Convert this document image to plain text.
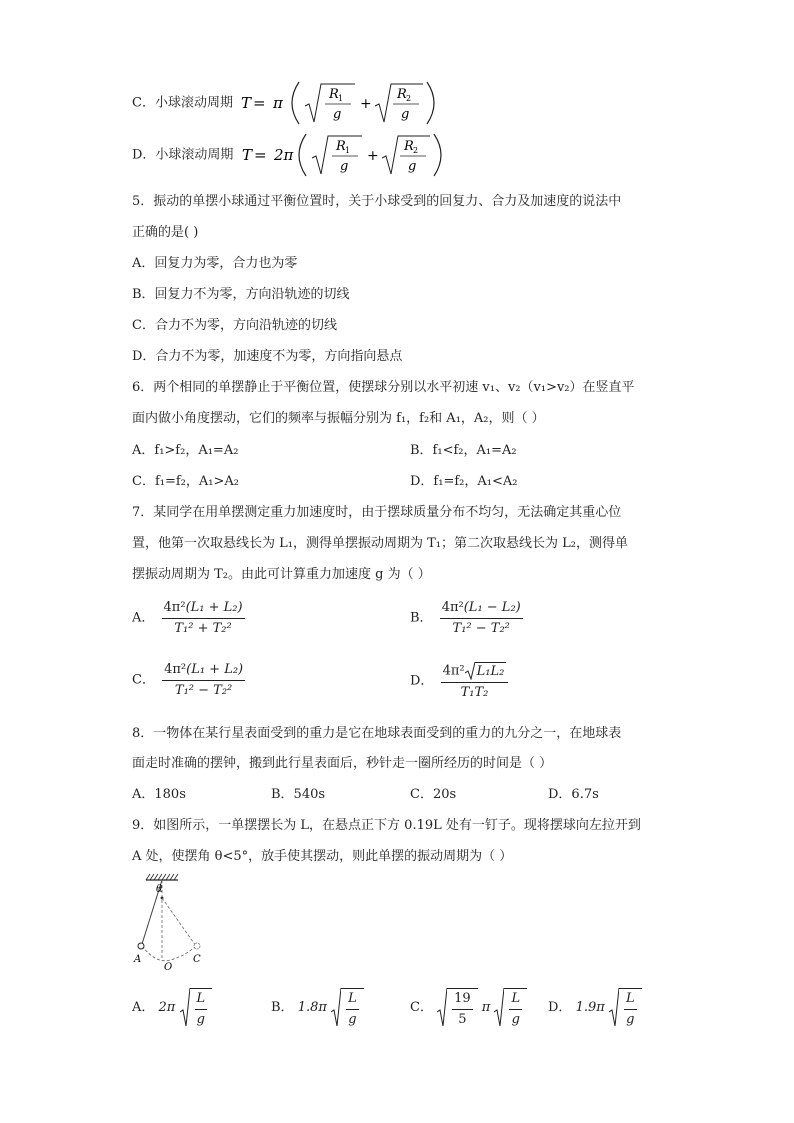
C．小球滚动周期 T = π	R 1
g
+
R 2
g
D．小球滚动周期 T = 2π	R 1
g
+
R 2
g
5．振动的单摆小球通过平衡位置时，关于小球受到的回复力、合力及加速度的说法中
正确的是( )
A．回复力为零，合力也为零
B．回复力不为零，方向沿轨迹的切线
C．合力不为零，方向沿轨迹的切线
D．合力不为零，加速度不为零，方向指向悬点
6．两个相同的单摆静止于平衡位置，使摆球分别以水平初速 v₁、v₂（v₁>v₂）在竖直平
面内做小角度摆动，它们的频率与振幅分别为 f₁，f₂和 A₁，A₂，则（ ）
A．f₁>f₂，A₁=A₂	B．f₁<f₂，A₁=A₂
C．f₁=f₂，A₁>A₂	D．f₁=f₂，A₁<A₂
7．某同学在用单摆测定重力加速度时，由于摆球质量分布不均匀，无法确定其重心位
置，他第一次取悬线长为 L₁，测得单摆振动周期为 T₁；第二次取悬线长为 L₂，测得单
摆振动周期为 T₂。由此可计算重力加速度 g 为（ ）
A． $\frac{\text{4π²(L₁ + L₂)}}{\text{T₁² + T₂²}}$	B． $\frac{\text{4π²(L₁ − L₂)}}{\text{T₁² − T₂²}}$
C． $\frac{\text{4π²(L₁ + L₂)}}{\text{T₁² − T₂²}}$	D． $\frac{\text{4π² L₁L₂}}{\text{T₁T₂}}$
8．一物体在某行星表面受到的重力是它在地球表面受到的重力的九分之一，在地球表
面走时准确的摆钟，搬到此行星表面后，秒针走一圈所经历的时间是（ ）
A．180s	B．540s	C．20s	D．6.7s
9．如图所示，一单摆摆长为 L，在悬点正下方 0.19L 处有一钉子。现将摆球向左拉开到
A 处，使摆角 θ<5°，放手使其摆动，则此单摆的振动周期为（ ）
θ
A
O
C
A． $2\pi \frac{L}{g}$	B． $1.8\pi \frac{L}{g}$	C． $\frac{19}{5}$ π $\frac{L}{g}$ D． $1.9\pi \frac{L}{g}$
